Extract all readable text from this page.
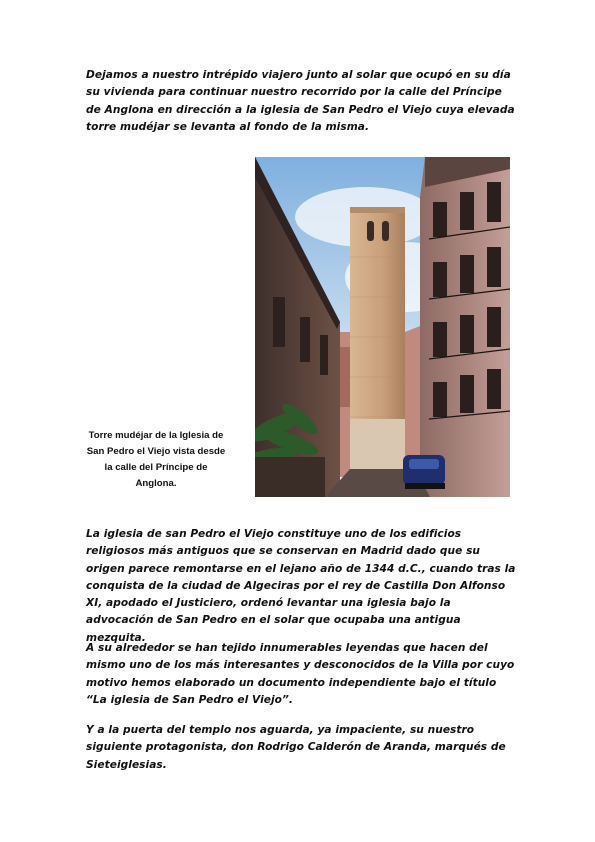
Dejamos a nuestro intrépido viajero junto al solar que ocupó en su día su vivienda para continuar nuestro recorrido por la calle del Príncipe de Anglona en dirección a la iglesia de San Pedro el Viejo cuya elevada torre mudéjar se levanta al fondo de la misma.

Torre mudéjar de la Iglesia de San Pedro el Viejo vista desde la calle del Príncipe de Anglona.

La iglesia de san Pedro el Viejo constituye uno de los edificios religiosos más antiguos que se conservan en Madrid dado que su origen parece remontarse en el lejano año de 1344 d.C., cuando tras la conquista de la ciudad de Algeciras por el rey de Castilla Don Alfonso XI, apodado el Justiciero, ordenó levantar una iglesia bajo la advocación de San Pedro en el solar que ocupaba una antigua mezquita.

A su alrededor se han tejido innumerables leyendas que hacen del mismo uno de los más interesantes y desconocidos de la Villa por cuyo motivo hemos elaborado un documento independiente bajo el título “La iglesia de San Pedro el Viejo”.

Y a la puerta del templo nos aguarda, ya impaciente, su nuestro siguiente protagonista, don Rodrigo Calderón de Aranda, marqués de Sieteiglesias.
